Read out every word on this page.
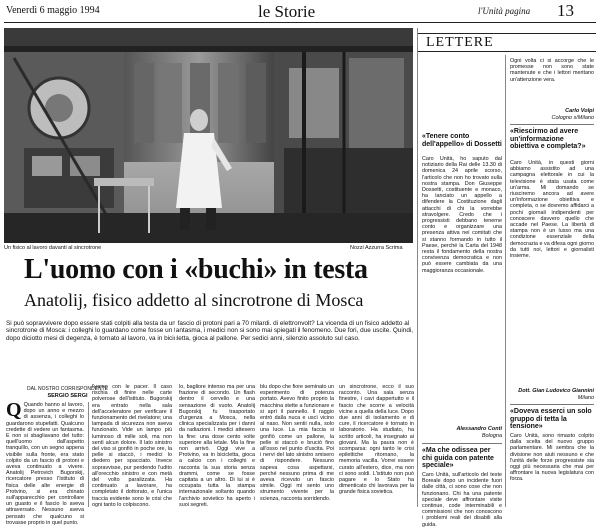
Venerdì 6 maggio 1994	le Storie	l'Unità pagina 13
Un fisico al lavoro davanti al sincrotrone	Nozzi Azzurra Scrima
L'uomo con i «buchi» in testa
Anatolij, fisico addetto al sincrotrone di Mosca
Si può sopravvivere dopo essere stati colpiti alla testa da un fascio di protoni pari a 70 milardi. di elettronvolt? La vicenda di un fisico addetto al sincrotrone di Mosca: i colleghi lo guardano come fosse un fantasma, i medici non si sono mai spiegati il fenomeno. Due fori, due uscite. Quindi, dopo diciotto mesi di degenza, è tornato al lavoro, va in bicicletta, gioca al pallone. Per sedici anni, silenzio assoluto sul caso.
DAL NOSTRO CORRISPONDENTE
SERGIO SERGI
Q Quando hanno al lavoro, dopo un anno e mezzo di assenza, i colleghi lo guardarono stupefatti. Qualcuno credette di vedere un fantasma. E non si sbagliavano del tutto: quell'uomo dall'aspetto tranquillo, con un segno appena visibile sulla fronte, era stato colpito da un fascio di protoni e aveva continuato a vivere. Anatolij Petrovich Bugorskij, ricercatore presso l'Istituto di fisica delle alte energie di Protvino, si era chinato sull'apparecchio per controllare un guasto e il fascio lo aveva attraversato. Nessuno aveva pensato che qualcuno si trovasse proprio in quel punto.
l'uomo con le pacer. Il caso rischia di finire nelle carte polverose dell'istituto. Bugorskij era entrato nella sala dell'acceleratore per verificare il funzionamento del rivelatore; una lampada di sicurezza non aveva funzionato. Vide un lampo più luminoso di mille soli, ma non sentì alcun dolore. Il lato sinistro del viso si gonfiò in poche ore, la pelle si staccò, i medici lo diedero per spacciato. Invece sopravvisse, pur perdendo l'udito all'orecchio sinistro e con metà del volto paralizzata. Ha continuato a lavorare, ha completato il dottorato, e l'unica traccia evidente sono le crisi che ogni tanto lo colpiscono.
lo, bagliore intenso ma per una frazione di secondo. Un flash dentro il cervello e una sensazione di vuoto. Anatolij Bugorskij fu trasportato d'urgenza a Mosca, nella clinica specializzata per i danni da radiazioni. I medici attesero la fine: una dose cento volte superiore alla letale. Ma la fine non arrivò. Oggi vive a Protvino, va in bicicletta, gioca a calcio con i colleghi e racconta la sua storia senza drammi, come se fosse capitata a un altro. Di lui si è occupata tutta la stampa internazionale soltanto quando l'archivio sovietico ha aperto i suoi segreti.
blu dopo che fiore seminato un esperimento di potenza portato. Avevo finito proprio la macchina stette a funzionare e si aprì il pannello. Il raggio entrò dalla nuca e uscì vicino al naso. Non sentii nulla, solo una luce. La mia faccia si gonfiò come un pallone, la pelle si staccò e bruciò fino all'osso nel punto d'uscita. Poi i nervi del lato sinistro smisero di rispondere. Nessuno sapeva cosa aspettarsi, perché nessuno prima di me aveva ricevuto un fascio simile. Oggi mi sento uno strumento vivente per la scienza, racconta sorridendo.
un sincrotrone, ecco il suo racconto. Una sala senza finestre, i cavi dappertutto e il fascio che scorre a velocità vicine a quella della luce. Dopo due anni di isolamento e di cure, il ricercatore è tornato in laboratorio. Ha studiato, ha scritto articoli, ha insegnato ai giovani. Ma la paura non è scomparsa: ogni tanto le crisi epilettiche ritornano, la memoria vacilla. Vorrei essere curato all'estero, dice, ma non ci sono soldi. L'istituto non può pagare e lo Stato ha dimenticato chi lavorava per la grande fisica sovietica.
LETTERE
«Tenere conto dell'appello» di Dossetti
Caro Unità, ho saputo dal notiziario della Rai delle 13.30 di domenica 24 aprile scorso, l'articolo che non ho trovato sulla nostra stampa. Don Giuseppe Dossetti, costituente e monaco, ha lanciato un appello a difendere la Costituzione dagli attacchi di chi la vorrebbe stravolgere. Credo che i progressisti debbano tenerne conto e organizzare una presenza attiva nei comitati che si stanno formando in tutto il Paese, perché la Carta del 1948 resta il fondamento della nostra convivenza democratica e non può essere cambiata da una maggioranza occasionale.
Alessandro Conti
Bologna
«Ma che odissea per chi guida con patente speciale»
Caro Unità, sull'articolo del teste Boreale dopo un incidente fuori dalle città, ci sono cose che non funzionano. Chi ha una patente speciale deve affrontare visite continue, code interminabili e commissioni che non conoscono i problemi reali dei disabili alla guida.
Ogni volta ci si accorge che le promesse non sono state mantenute e che i lettori meritano un'attenzione vera.
Carlo Volpi
Cologno s/Milano
«Riescirmo ad avere un'informazione obiettiva e completa?»
Caro Unità, in questi giorni abbiamo assistito ad una campagna elettorale in cui la televisione è stata usata come un'arma. Mi domando se riusciremo ancora ad avere un'informazione obiettiva e completa, o se dovremo affidarci a pochi giornali indipendenti per conoscere davvero quello che accade nel Paese. La libertà di stampa non è un lusso ma una condizione essenziale della democrazia e va difesa ogni giorno da tutti noi, lettori e giornalisti insieme.
Dott. Gian Ludovico Giannini
Milano
«Doveva esserci un solo gruppo di tetta la tensione»
Caro Unità, sono rimasto colpito dalla scelta del nuovo gruppo parlamentare. Mi sembra che la divisione non aiuti nessuno e che l'unità delle forze progressiste sia oggi più necessaria che mai per affrontare la nuova legislatura con forza.
